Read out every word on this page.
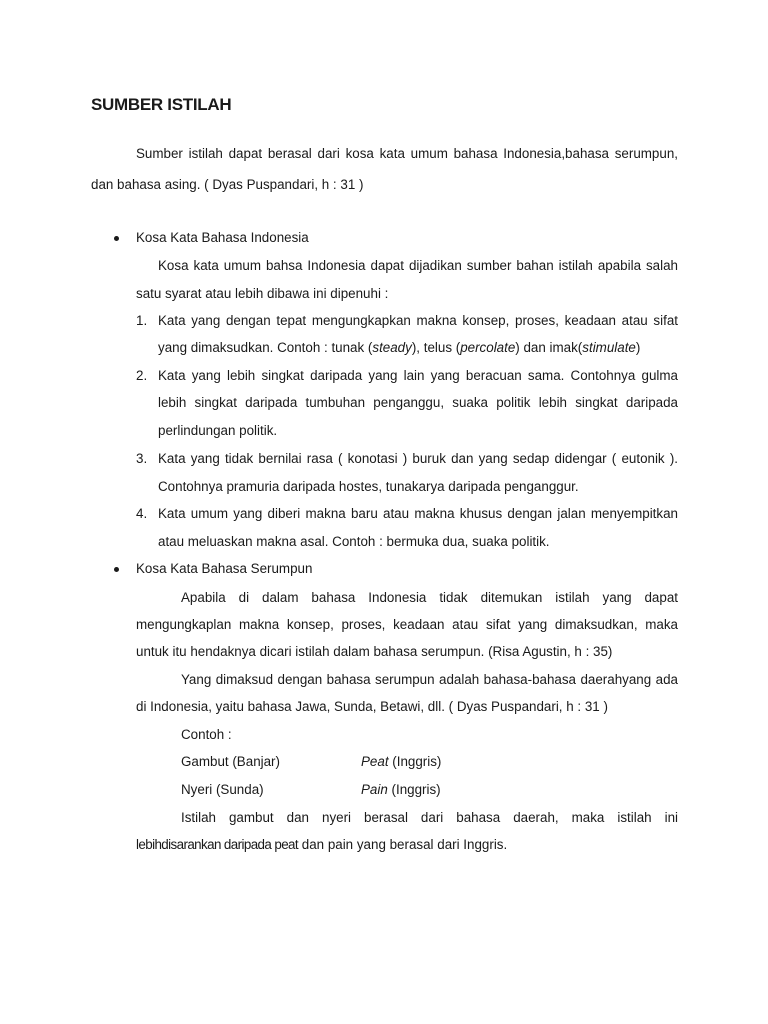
SUMBER ISTILAH
Sumber istilah dapat berasal dari kosa kata umum bahasa Indonesia,bahasa serumpun,
dan bahasa asing. ( Dyas Puspandari, h : 31 )
Kosa Kata Bahasa Indonesia
Kosa kata umum bahsa Indonesia dapat dijadikan sumber bahan istilah apabila salah
satu syarat atau lebih dibawa ini dipenuhi :
1. Kata yang dengan tepat mengungkapkan makna konsep, proses, keadaan atau sifat
yang dimaksudkan. Contoh : tunak (steady), telus (percolate) dan imak(stimulate)
2. Kata yang lebih singkat daripada yang lain yang beracuan sama. Contohnya gulma
lebih singkat daripada tumbuhan penganggu, suaka politik lebih singkat daripada
perlindungan politik.
3. Kata yang tidak bernilai rasa ( konotasi ) buruk dan yang sedap didengar ( eutonik ).
Contohnya pramuria daripada hostes, tunakarya daripada penganggur.
4. Kata umum yang diberi makna baru atau makna khusus dengan jalan menyempitkan
atau meluaskan makna asal. Contoh : bermuka dua, suaka politik.
Kosa Kata Bahasa Serumpun
Apabila di dalam bahasa Indonesia tidak ditemukan istilah yang dapat
mengungkaplan makna konsep, proses, keadaan atau sifat yang dimaksudkan, maka
untuk itu hendaknya dicari istilah dalam bahasa serumpun. (Risa Agustin, h : 35)
Yang dimaksud dengan bahasa serumpun adalah bahasa-bahasa daerahyang ada
di Indonesia, yaitu bahasa Jawa, Sunda, Betawi, dll. ( Dyas Puspandari, h : 31 )
Contoh :
Gambut (Banjar)	Peat (Inggris)
Nyeri (Sunda)	Pain (Inggris)
Istilah gambut dan nyeri berasal dari bahasa daerah, maka istilah ini
lebihdisarankan daripada peat dan pain yang berasal dari Inggris.
